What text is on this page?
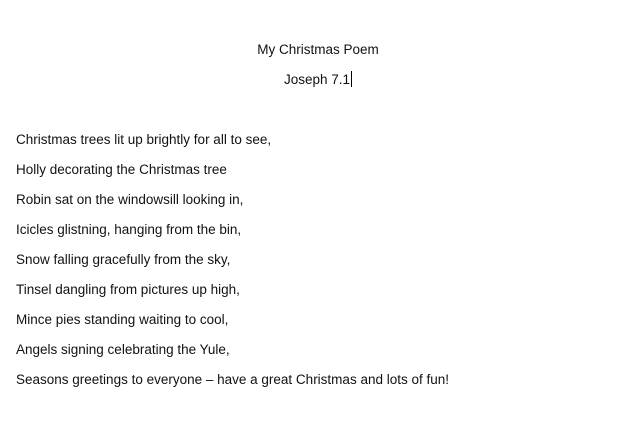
My Christmas Poem
Joseph 7.1
Christmas trees lit up brightly for all to see,
Holly decorating the Christmas tree
Robin sat on the windowsill looking in,
Icicles glistning, hanging from the bin,
Snow falling gracefully from the sky,
Tinsel dangling from pictures up high,
Mince pies standing waiting to cool,
Angels signing celebrating the Yule,
Seasons greetings to everyone – have a great Christmas and lots of fun!
